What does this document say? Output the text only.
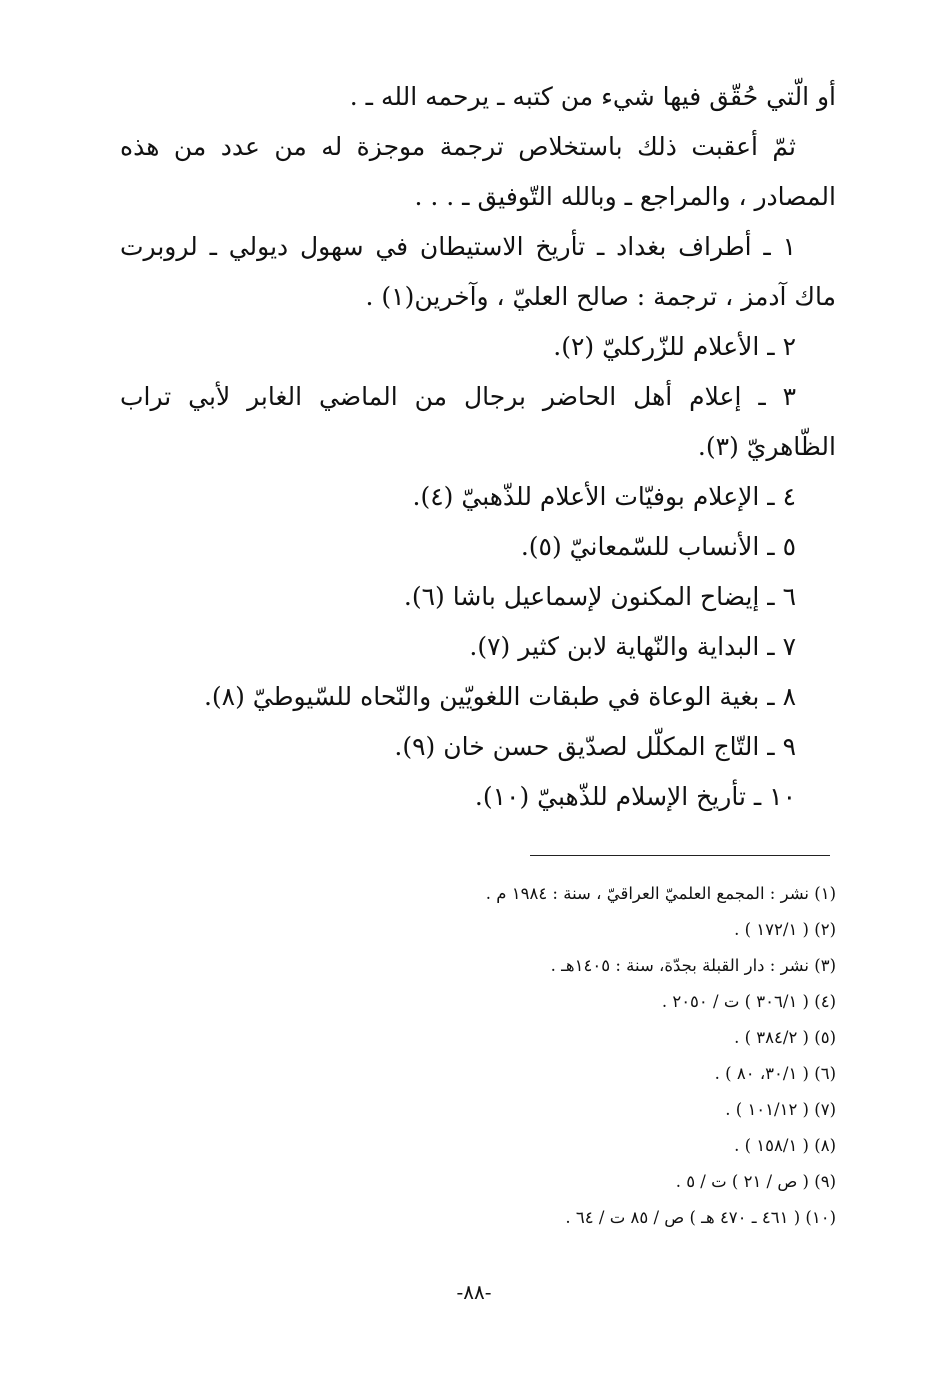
أو الّتي حُقّق فيها شيء من كتبه ـ يرحمه الله ـ .

ثمّ أعقبت ذلك باستخلاص ترجمة موجزة له من عدد من هذه

المصادر ، والمراجع ـ وبالله التّوفيق ـ . . .

١ ـ أطراف بغداد ـ تأريخ الاستيطان في سهول ديولي ـ لروبرت

ماك آدمز ، ترجمة : صالح العليّ ، وآخرين(١) .

٢ ـ الأعلام للزّركليّ (٢).

٣ ـ إعلام أهل الحاضر برجال من الماضي الغابر لأبي تراب

الظّاهريّ (٣).

٤ ـ الإعلام بوفيّات الأعلام للذّهبيّ (٤).

٥ ـ الأنساب للسّمعانيّ (٥).

٦ ـ إيضاح المكنون لإسماعيل باشا (٦).

٧ ـ البداية والنّهاية لابن كثير (٧).

٨ ـ بغية الوعاة في طبقات اللغويّين والنّحاه للسّيوطيّ (٨).

٩ ـ التّاج المكلّل لصدّيق حسن خان (٩).

١٠ ـ تأريخ الإسلام للذّهبيّ (١٠).

(١) نشر : المجمع العلميّ العراقيّ ، سنة : ١٩٨٤ م .

(٢) ( ١٧٢/١ ) .

(٣) نشر : دار القبلة بجدّة، سنة : ١٤٠٥هـ .

(٤) ( ٣٠٦/١ ) ت / ٢٠٥٠ .

(٥) ( ٣٨٤/٢ ) .

(٦) ( ٣٠/١، ٨٠ ) .

(٧) ( ١٠١/١٢ ) .

(٨) ( ١٥٨/١ ) .

(٩) ( ص / ٢١ ) ت / ٥ .

(١٠) ( ٤٦١ ـ ٤٧٠ هـ ) ص / ٨٥ ت / ٦٤ .

-٨٨-
